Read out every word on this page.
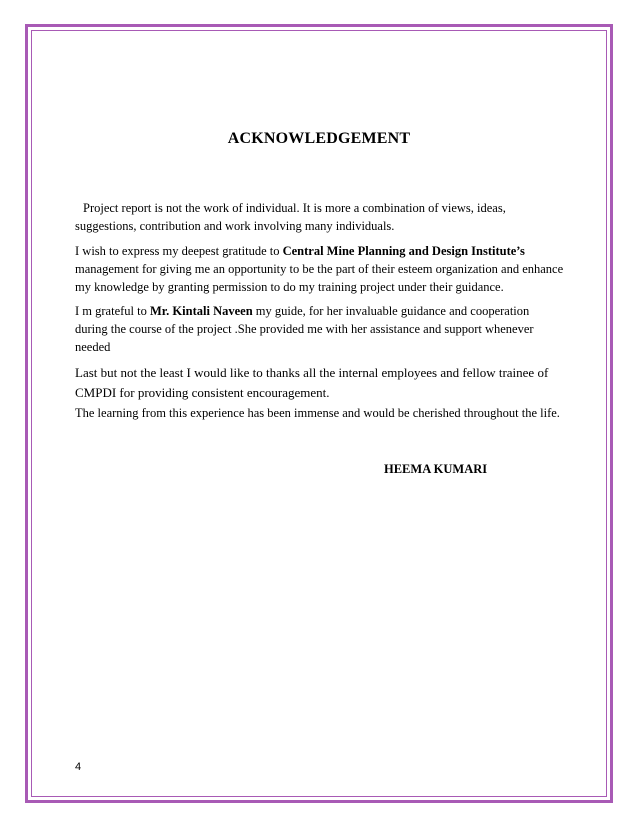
ACKNOWLEDGEMENT

Project report is not the work of individual. It is more a combination of views, ideas, suggestions, contribution and work involving many individuals.

I wish to express my deepest gratitude to Central Mine Planning and Design Institute’s management for giving me an opportunity to be the part of their esteem organization and enhance my knowledge by granting permission to do my training project under their guidance.

I m grateful to Mr. Kintali Naveen my guide, for her invaluable guidance and cooperation during the course of the project .She provided me with her assistance and support whenever needed

Last but not the least I would like to thanks all the internal employees and fellow trainee of CMPDI for providing consistent encouragement.

The learning from this experience has been immense and would be cherished throughout the life.

HEEMA KUMARI
4
